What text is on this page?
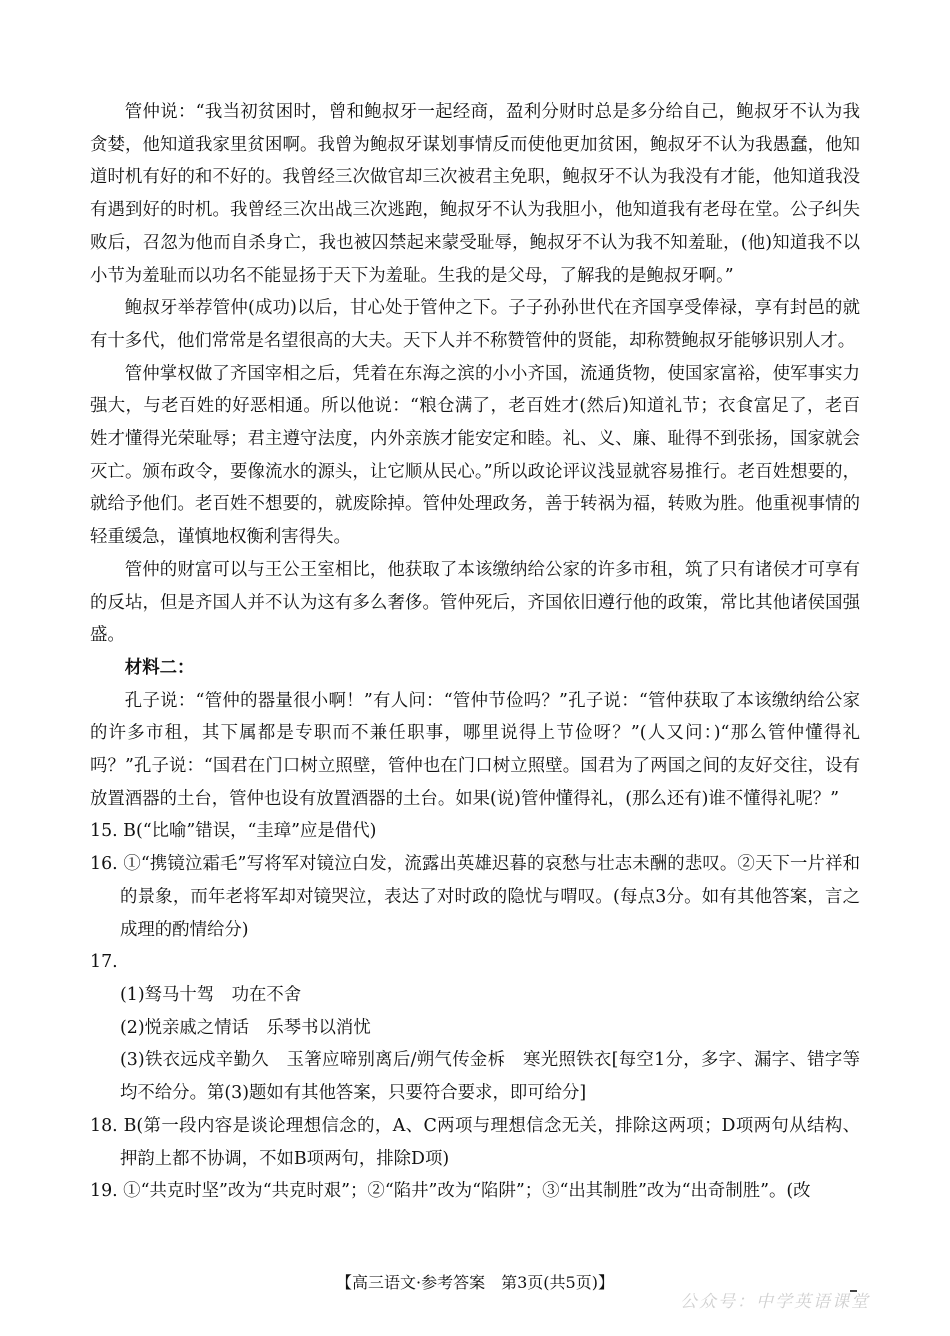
管仲说：“我当初贫困时，曾和鲍叔牙一起经商，盈利分财时总是多分给自己，鲍叔牙不认为我贪婪，他知道我家里贫困啊。我曾为鲍叔牙谋划事情反而使他更加贫困，鲍叔牙不认为我愚蠢，他知道时机有好的和不好的。我曾经三次做官却三次被君主免职，鲍叔牙不认为我没有才能，他知道我没有遇到好的时机。我曾经三次出战三次逃跑，鲍叔牙不认为我胆小，他知道我有老母在堂。公子纠失败后，召忽为他而自杀身亡，我也被囚禁起来蒙受耻辱，鲍叔牙不认为我不知羞耻，(他)知道我不以小节为羞耻而以功名不能显扬于天下为羞耻。生我的是父母，了解我的是鲍叔牙啊。”

鲍叔牙举荐管仲(成功)以后，甘心处于管仲之下。子子孙孙世代在齐国享受俸禄，享有封邑的就有十多代，他们常常是名望很高的大夫。天下人并不称赞管仲的贤能，却称赞鲍叔牙能够识别人才。

管仲掌权做了齐国宰相之后，凭着在东海之滨的小小齐国，流通货物，使国家富裕，使军事实力强大，与老百姓的好恶相通。所以他说：“粮仓满了，老百姓才(然后)知道礼节；衣食富足了，老百姓才懂得光荣耻辱；君主遵守法度，内外亲族才能安定和睦。礼、义、廉、耻得不到张扬，国家就会灭亡。颁布政令，要像流水的源头，让它顺从民心。”所以政论评议浅显就容易推行。老百姓想要的，就给予他们。老百姓不想要的，就废除掉。管仲处理政务，善于转祸为福，转败为胜。他重视事情的轻重缓急，谨慎地权衡利害得失。

管仲的财富可以与王公王室相比，他获取了本该缴纳给公家的许多市租，筑了只有诸侯才可享有的反坫，但是齐国人并不认为这有多么奢侈。管仲死后，齐国依旧遵行他的政策，常比其他诸侯国强盛。

材料二：

孔子说：“管仲的器量很小啊！”有人问：“管仲节俭吗？”孔子说：“管仲获取了本该缴纳给公家的许多市租，其下属都是专职而不兼任职事，哪里说得上节俭呀？”(人又问：)“那么管仲懂得礼吗？”孔子说：“国君在门口树立照壁，管仲也在门口树立照壁。国君为了两国之间的友好交往，设有放置酒器的土台，管仲也设有放置酒器的土台。如果(说)管仲懂得礼，(那么还有)谁不懂得礼呢？”

15. B(“比喻”错误，“圭璋”应是借代)

16. ①“携镜泣霜毛”写将军对镜泣白发，流露出英雄迟暮的哀愁与壮志未酬的悲叹。②天下一片祥和的景象，而年老将军却对镜哭泣，表达了对时政的隐忧与喟叹。(每点3分。如有其他答案，言之成理的酌情给分)

17.

(1)驽马十驾　功在不舍

(2)悦亲戚之情话　乐琴书以消忧

(3)铁衣远戍辛勤久　玉箸应啼别离后/朔气传金柝　寒光照铁衣[每空1分，多字、漏字、错字等均不给分。第(3)题如有其他答案，只要符合要求，即可给分]

18. B(第一段内容是谈论理想信念的，A、C两项与理想信念无关，排除这两项；D项两句从结构、押韵上都不协调，不如B项两句，排除D项)

19. ①“共克时坚”改为“共克时艰”；②“陷井”改为“陷阱”；③“出其制胜”改为“出奇制胜”。(改

【高三语文·参考答案　第3页(共5页)】
公众号：中学英语课堂
